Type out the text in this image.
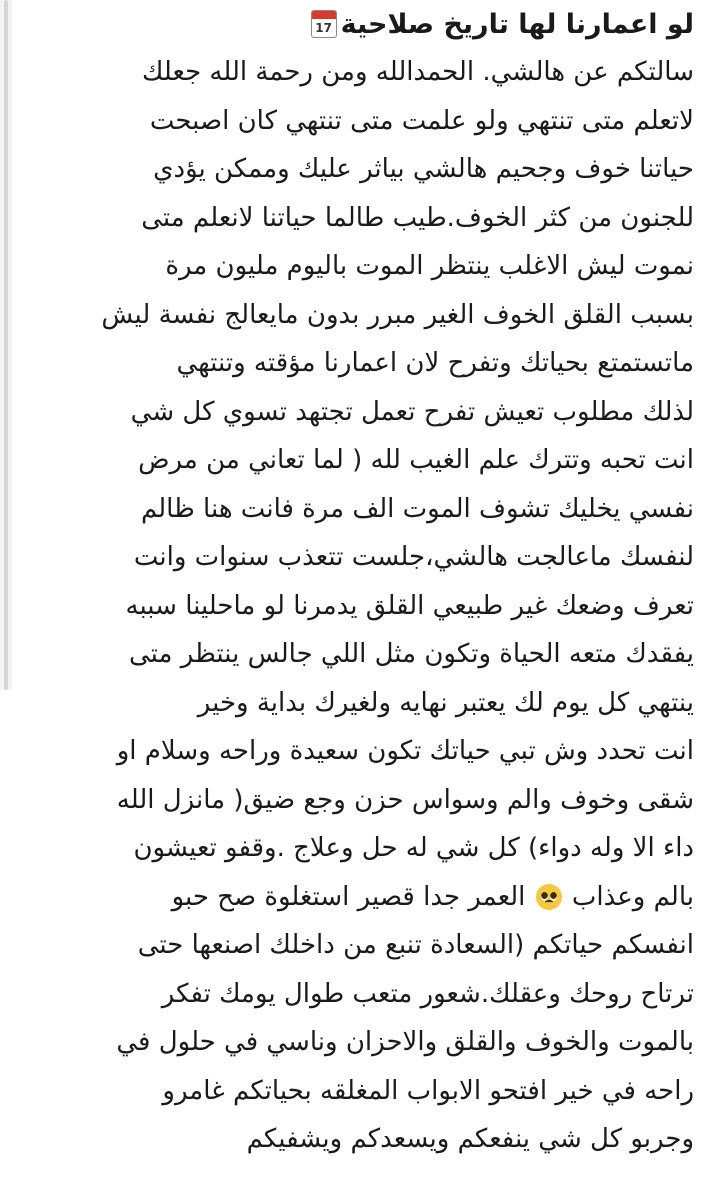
لو اعمارنا لها تاريخ صلاحية
17
سالتكم عن هالشي. الحمدالله ومن رحمة الله جعلك
لاتعلم متى تنتهي ولو علمت متى تنتهي كان اصبحت
حياتنا خوف وجحيم هالشي بياثر عليك وممكن يؤدي
للجنون من كثر الخوف.طيب طالما حياتنا لانعلم متى
نموت ليش الاغلب ينتظر الموت باليوم مليون مرة
بسبب القلق الخوف الغير مبرر بدون مايعالج نفسة ليش
ماتستمتع بحياتك وتفرح لان اعمارنا مؤقته وتنتهي
لذلك مطلوب تعيش تفرح تعمل تجتهد تسوي كل شي
انت تحبه وتترك علم الغيب لله ( لما تعاني من مرض
نفسي يخليك تشوف الموت الف مرة فانت هنا ظالم
لنفسك ماعالجت هالشي،جلست تتعذب سنوات وانت
تعرف وضعك غير طبيعي القلق يدمرنا لو ماحلينا سببه
يفقدك متعه الحياة وتكون مثل اللي جالس ينتظر متى
ينتهي كل يوم لك يعتبر نهايه ولغيرك بداية وخير
انت تحدد وش تبي حياتك تكون سعيدة وراحه وسلام او
شقى وخوف والم وسواس حزن وجع ضيق( مانزل الله
داء الا وله دواء) كل شي له حل وعلاج .وقفو تعيشون
بالم وعذاب
العمر جدا قصير استغلوة صح حبو
انفسكم حياتكم (السعادة تنبع من داخلك اصنعها حتى
ترتاح روحك وعقلك.شعور متعب طوال يومك تفكر
بالموت والخوف والقلق والاحزان وناسي في حلول في
راحه في خير افتحو الابواب المغلقه بحياتكم غامرو
وجربو كل شي ينفعكم ويسعدكم ويشفيكم
